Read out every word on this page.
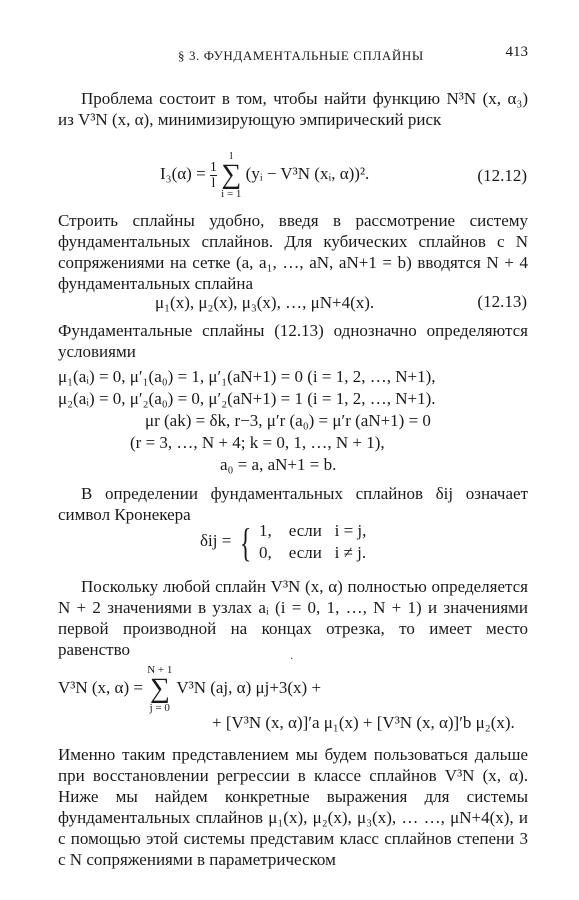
§ 3. ФУНДАМЕНТАЛЬНЫЕ СПЛАЙНЫ	413
Проблема состоит в том, чтобы найти функцию N³N (x, α₃) из V³N (x, α), минимизирующую эмпирический риск
$I_3(\alpha) = \frac{1}{l}$

l
∑
i = 1
(yᵢ − V³N (xᵢ, α))².	(12.12)
Строить сплайны удобно, введя в рассмотрение систему фундаментальных сплайнов. Для кубических сплайнов с N сопряжениями на сетке (a, a₁, …, aN, aN+1 = b) вводятся N + 4 фундаментальных сплайна
μ₁(x), μ₂(x), μ₃(x), …, μN+4(x).	(12.13)
Фундаментальные сплайны (12.13) однозначно определяются условиями
μ₁(aᵢ) = 0, μ′₁(a₀) = 1, μ′₁(aN+1) = 0 (i = 1, 2, …, N+1),
μ₂(aᵢ) = 0, μ′₂(a₀) = 0, μ′₂(aN+1) = 1 (i = 1, 2, …, N+1).
μr (ak) = δk, r−3, μ′r (a₀) = μ′r (aN+1) = 0
(r = 3, …, N + 4; k = 0, 1, …, N + 1),
a₀ = a, aN+1 = b.
В определении фундаментальных сплайнов δij означает символ Кронекера
δij = { 1, если i = j,
0, если i ≠ j.
Поскольку любой сплайн V³N (x, α) полностью определяется N + 2 значениями в узлах aᵢ (i = 0, 1, …, N + 1) и значениями первой производной на концах отрезка, то имеет место равенство
·
V³N (x, α) =
N + 1
∑
j = 0
V³N (aj, α) μj+3(x) +
+ [V³N (x, α)]′a μ₁(x) + [V³N (x, α)]′b μ₂(x).
Именно таким представлением мы будем пользоваться дальше при восстановлении регрессии в классе сплайнов V³N (x, α). Ниже мы найдем конкретные выражения для системы фундаментальных сплайнов μ₁(x), μ₂(x), μ₃(x), … …, μN+4(x), и с помощью этой системы представим класс сплайнов степени 3 с N сопряжениями в параметрическом
